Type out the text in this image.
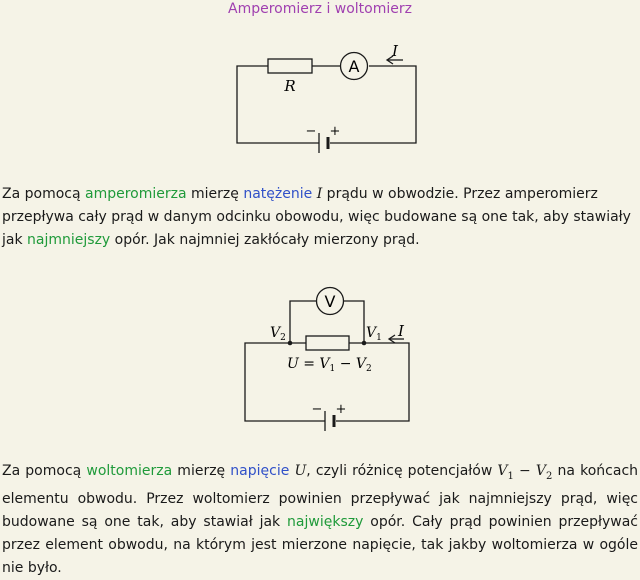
Amperomierz i woltomierz
A
R
I
− +

Za pomocą amperomierza mierzę natężenie I prądu w obwodzie. Przez amperomierz przepływa cały prąd w danym odcinku obowodu, więc budowane są one tak, aby stawiały jak najmniejszy opór. Jak najmniej zakłócały mierzony prąd.

V
$V_2$	$V_1$ I
$U = V_1 - V_2$
− +

Za pomocą woltomierza mierzę napięcie U, czyli różnicę potencjałów $V_1 - V_2$ na końcach elementu obwodu. Przez woltomierz powinien przepływać jak najmniejszy prąd, więc budowane są one tak, aby stawiał jak największy opór. Cały prąd powinien przepływać przez element obwodu, na którym jest mierzone napięcie, tak jakby woltomierza w ogóle nie było.
